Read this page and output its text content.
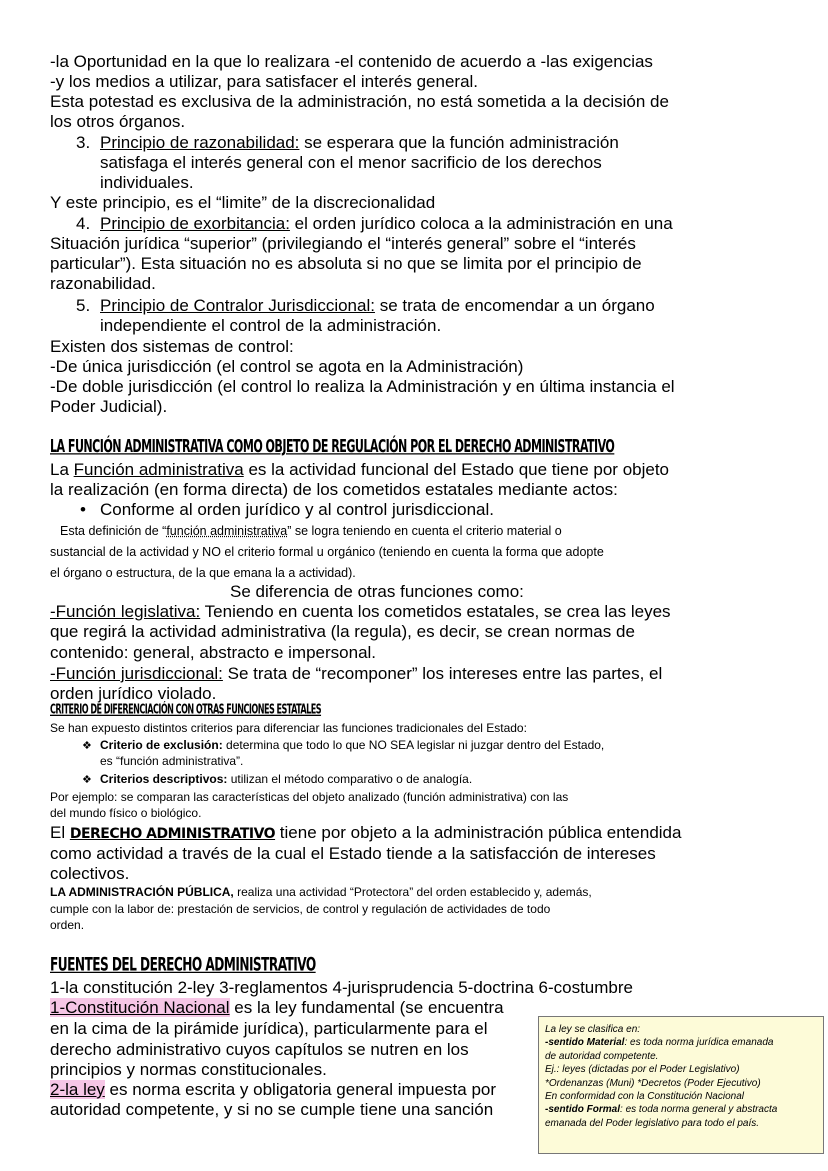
-la Oportunidad en la que lo realizara -el contenido de acuerdo a -las exigencias
-y los medios a utilizar, para satisfacer el interés general.
Esta potestad es exclusiva de la administración, no está sometida a la decisión de
los otros órganos.
3. Principio de razonabilidad: se esperara que la función administración
satisfaga el interés general con el menor sacrificio de los derechos
individuales.
Y este principio, es el “limite” de la discrecionalidad
4. Principio de exorbitancia: el orden jurídico coloca a la administración en una
Situación jurídica “superior” (privilegiando el “interés general” sobre el “interés
particular”). Esta situación no es absoluta si no que se limita por el principio de
razonabilidad.
5. Principio de Contralor Jurisdiccional: se trata de encomendar a un órgano
independiente el control de la administración.
Existen dos sistemas de control:
-De única jurisdicción (el control se agota en la Administración)
-De doble jurisdicción (el control lo realiza la Administración y en última instancia el
Poder Judicial).
LA FUNCIÓN ADMINISTRATIVA COMO OBJETO DE REGULACIÓN POR EL DERECHO ADMINISTRATIVO
La Función administrativa es la actividad funcional del Estado que tiene por objeto
la realización (en forma directa) de los cometidos estatales mediante actos:
• Conforme al orden jurídico y al control jurisdiccional.
Esta definición de “función administrativa” se logra teniendo en cuenta el criterio material o
sustancial de la actividad y NO el criterio formal u orgánico (teniendo en cuenta la forma que adopte
el órgano o estructura, de la que emana la a actividad).
Se diferencia de otras funciones como:
-Función legislativa: Teniendo en cuenta los cometidos estatales, se crea las leyes
que regirá la actividad administrativa (la regula), es decir, se crean normas de
contenido: general, abstracto e impersonal.
-Función jurisdiccional: Se trata de “recomponer” los intereses entre las partes, el
orden jurídico violado.
CRITERIO DE DIFERENCIACIÓN CON OTRAS FUNCIONES ESTATALES
Se han expuesto distintos criterios para diferenciar las funciones tradicionales del Estado:
❖ Criterio de exclusión: determina que todo lo que NO SEA legislar ni juzgar dentro del Estado,
es “función administrativa”.
❖ Criterios descriptivos: utilizan el método comparativo o de analogía.
Por ejemplo: se comparan las características del objeto analizado (función administrativa) con las
del mundo físico o biológico.
El DERECHO ADMINISTRATIVO tiene por objeto a la administración pública entendida
como actividad a través de la cual el Estado tiende a la satisfacción de intereses
colectivos.
LA ADMINISTRACIÓN PÚBLICA, realiza una actividad “Protectora” del orden establecido y, además,
cumple con la labor de: prestación de servicios, de control y regulación de actividades de todo
orden.
FUENTES DEL DERECHO ADMINISTRATIVO
1-la constitución 2-ley 3-reglamentos 4-jurisprudencia 5-doctrina 6-costumbre
1-Constitución Nacional es la ley fundamental (se encuentra
en la cima de la pirámide jurídica), particularmente para el
derecho administrativo cuyos capítulos se nutren en los
principios y normas constitucionales.
2-la ley es norma escrita y obligatoria general impuesta por
autoridad competente, y si no se cumple tiene una sanción
La ley se clasifica en:
-sentido Material: es toda norma jurídica emanada
de autoridad competente.
Ej.: leyes (dictadas por el Poder Legislativo)
*Ordenanzas (Muni) *Decretos (Poder Ejecutivo)
En conformidad con la Constitución Nacional
-sentido Formal: es toda norma general y abstracta
emanada del Poder legislativo para todo el país.
